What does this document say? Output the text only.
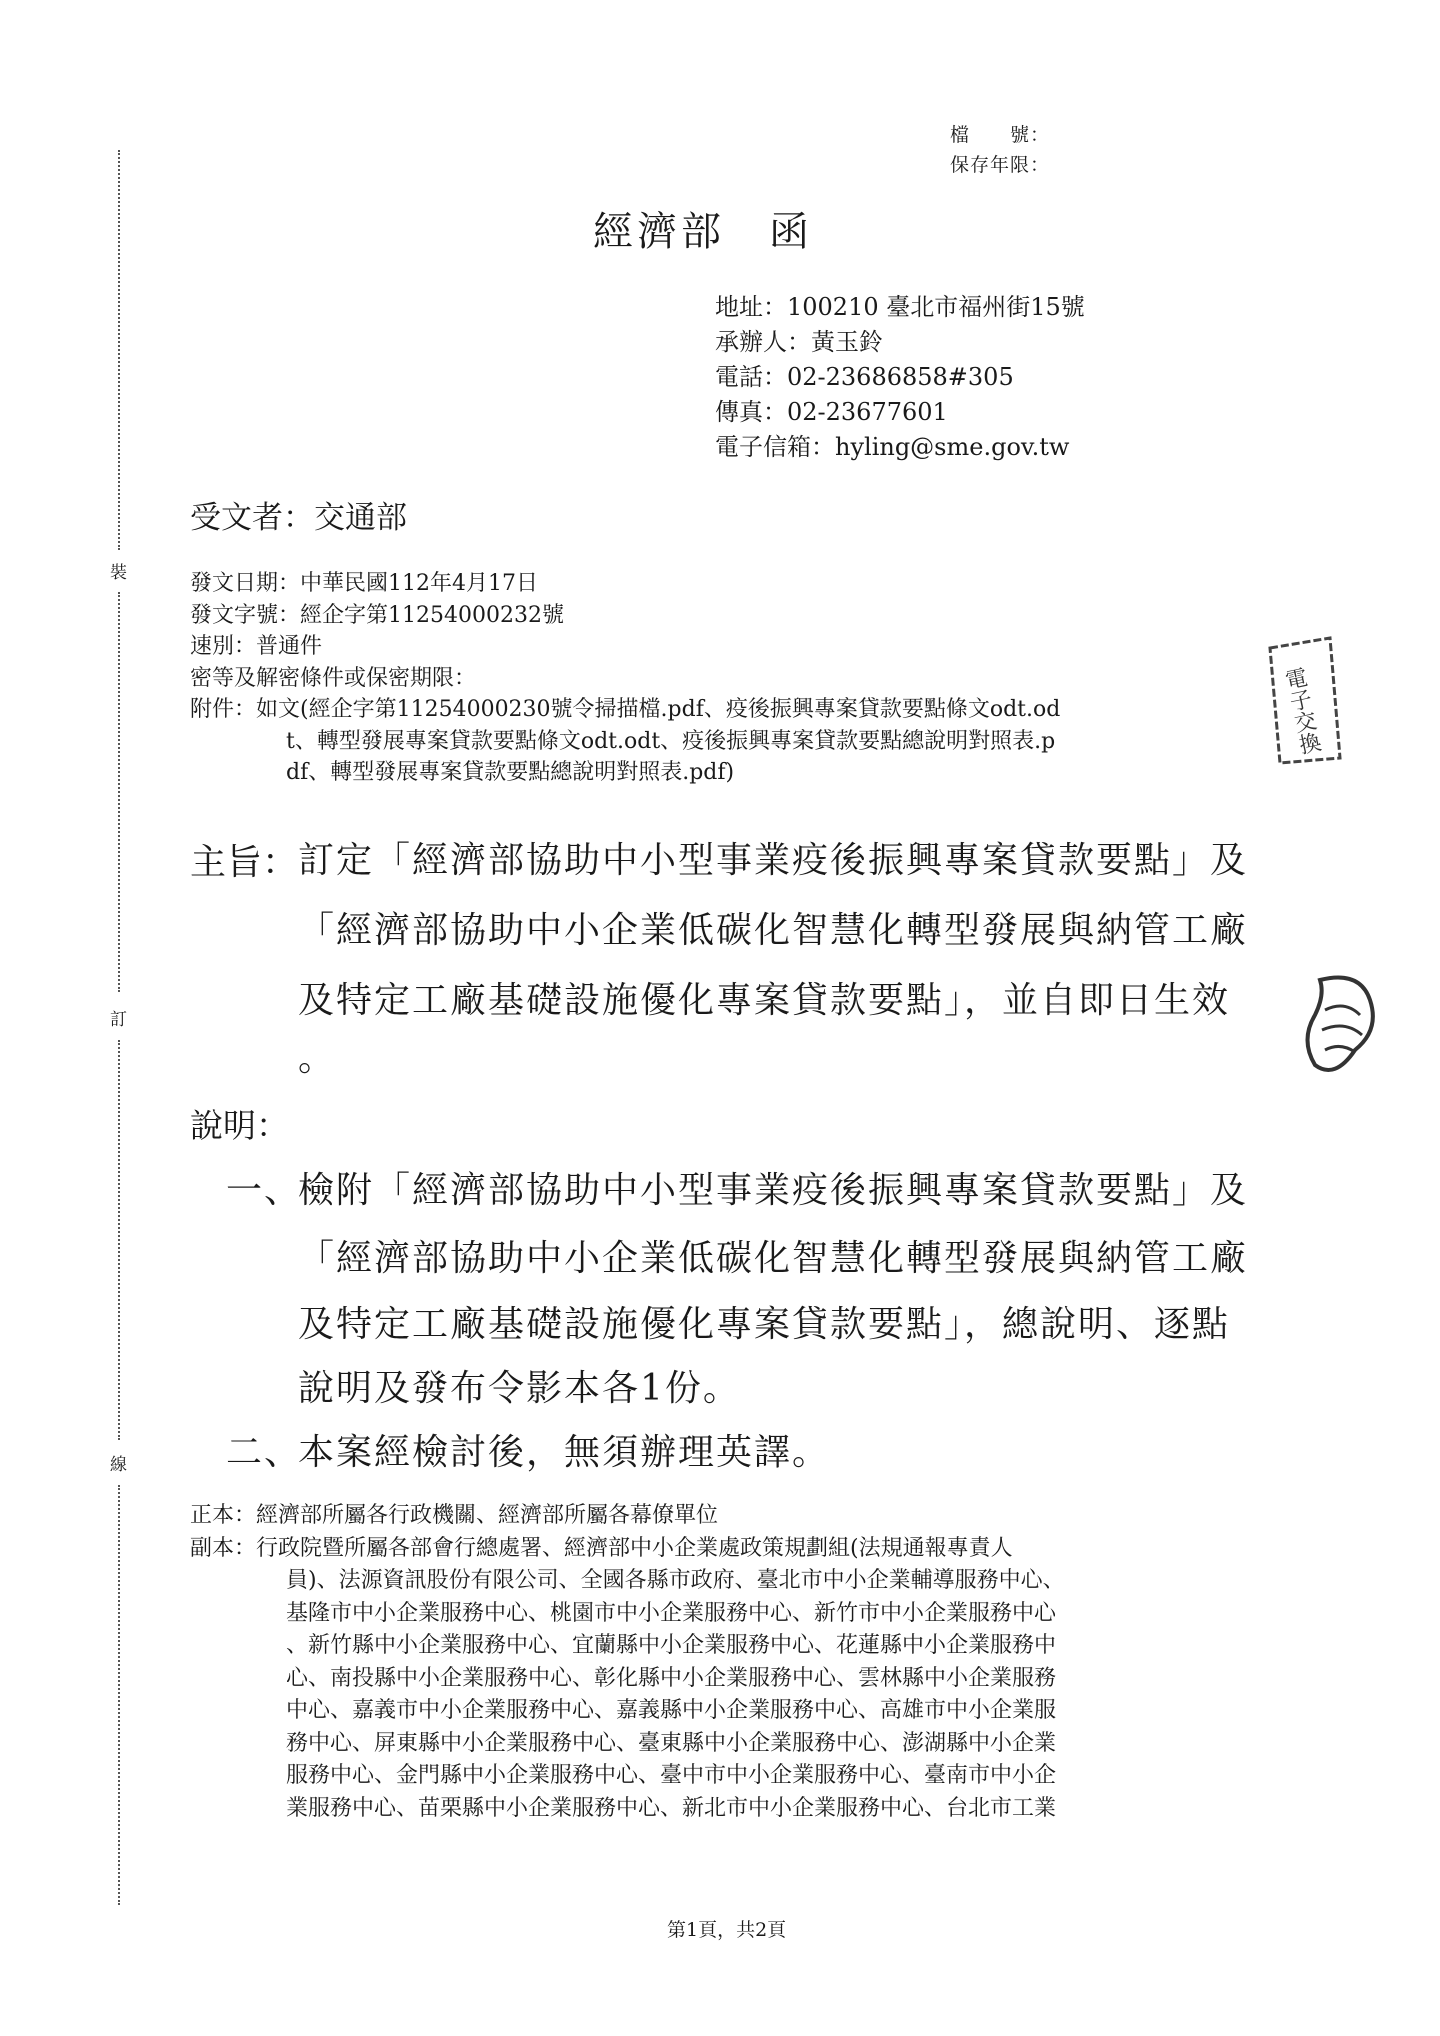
裝
訂
線
檔　　號：
保存年限：
經濟部　函
地址：100210 臺北市福州街15號
承辦人：黃玉鈴
電話：02-23686858#305
傳真：02-23677601
電子信箱：hyling@sme.gov.tw
受文者：交通部
發文日期：中華民國112年4月17日
發文字號：經企字第11254000232號
速別：普通件
密等及解密條件或保密期限：
附件：如文(經企字第11254000230號令掃描檔.pdf、疫後振興專案貸款要點條文odt.od
t、轉型發展專案貸款要點條文odt.odt、疫後振興專案貸款要點總說明對照表.p
df、轉型發展專案貸款要點總說明對照表.pdf)
電子交換
主旨： 訂定「經濟部協助中小型事業疫後振興專案貸款要點」及
「經濟部協助中小企業低碳化智慧化轉型發展與納管工廠
及特定工廠基礎設施優化專案貸款要點」，並自即日生效
。
說明：
一、
檢附「經濟部協助中小型事業疫後振興專案貸款要點」及
「經濟部協助中小企業低碳化智慧化轉型發展與納管工廠
及特定工廠基礎設施優化專案貸款要點」，總說明、逐點
說明及發布令影本各1份。
二、
本案經檢討後，無須辦理英譯。
正本：經濟部所屬各行政機關、經濟部所屬各幕僚單位
副本：行政院暨所屬各部會行總處署、經濟部中小企業處政策規劃組(法規通報專責人
員)、法源資訊股份有限公司、全國各縣市政府、臺北市中小企業輔導服務中心、
基隆市中小企業服務中心、桃園市中小企業服務中心、新竹市中小企業服務中心
、新竹縣中小企業服務中心、宜蘭縣中小企業服務中心、花蓮縣中小企業服務中
心、南投縣中小企業服務中心、彰化縣中小企業服務中心、雲林縣中小企業服務
中心、嘉義市中小企業服務中心、嘉義縣中小企業服務中心、高雄市中小企業服
務中心、屏東縣中小企業服務中心、臺東縣中小企業服務中心、澎湖縣中小企業
服務中心、金門縣中小企業服務中心、臺中市中小企業服務中心、臺南市中小企
業服務中心、苗栗縣中小企業服務中心、新北市中小企業服務中心、台北市工業
第1頁，共2頁
